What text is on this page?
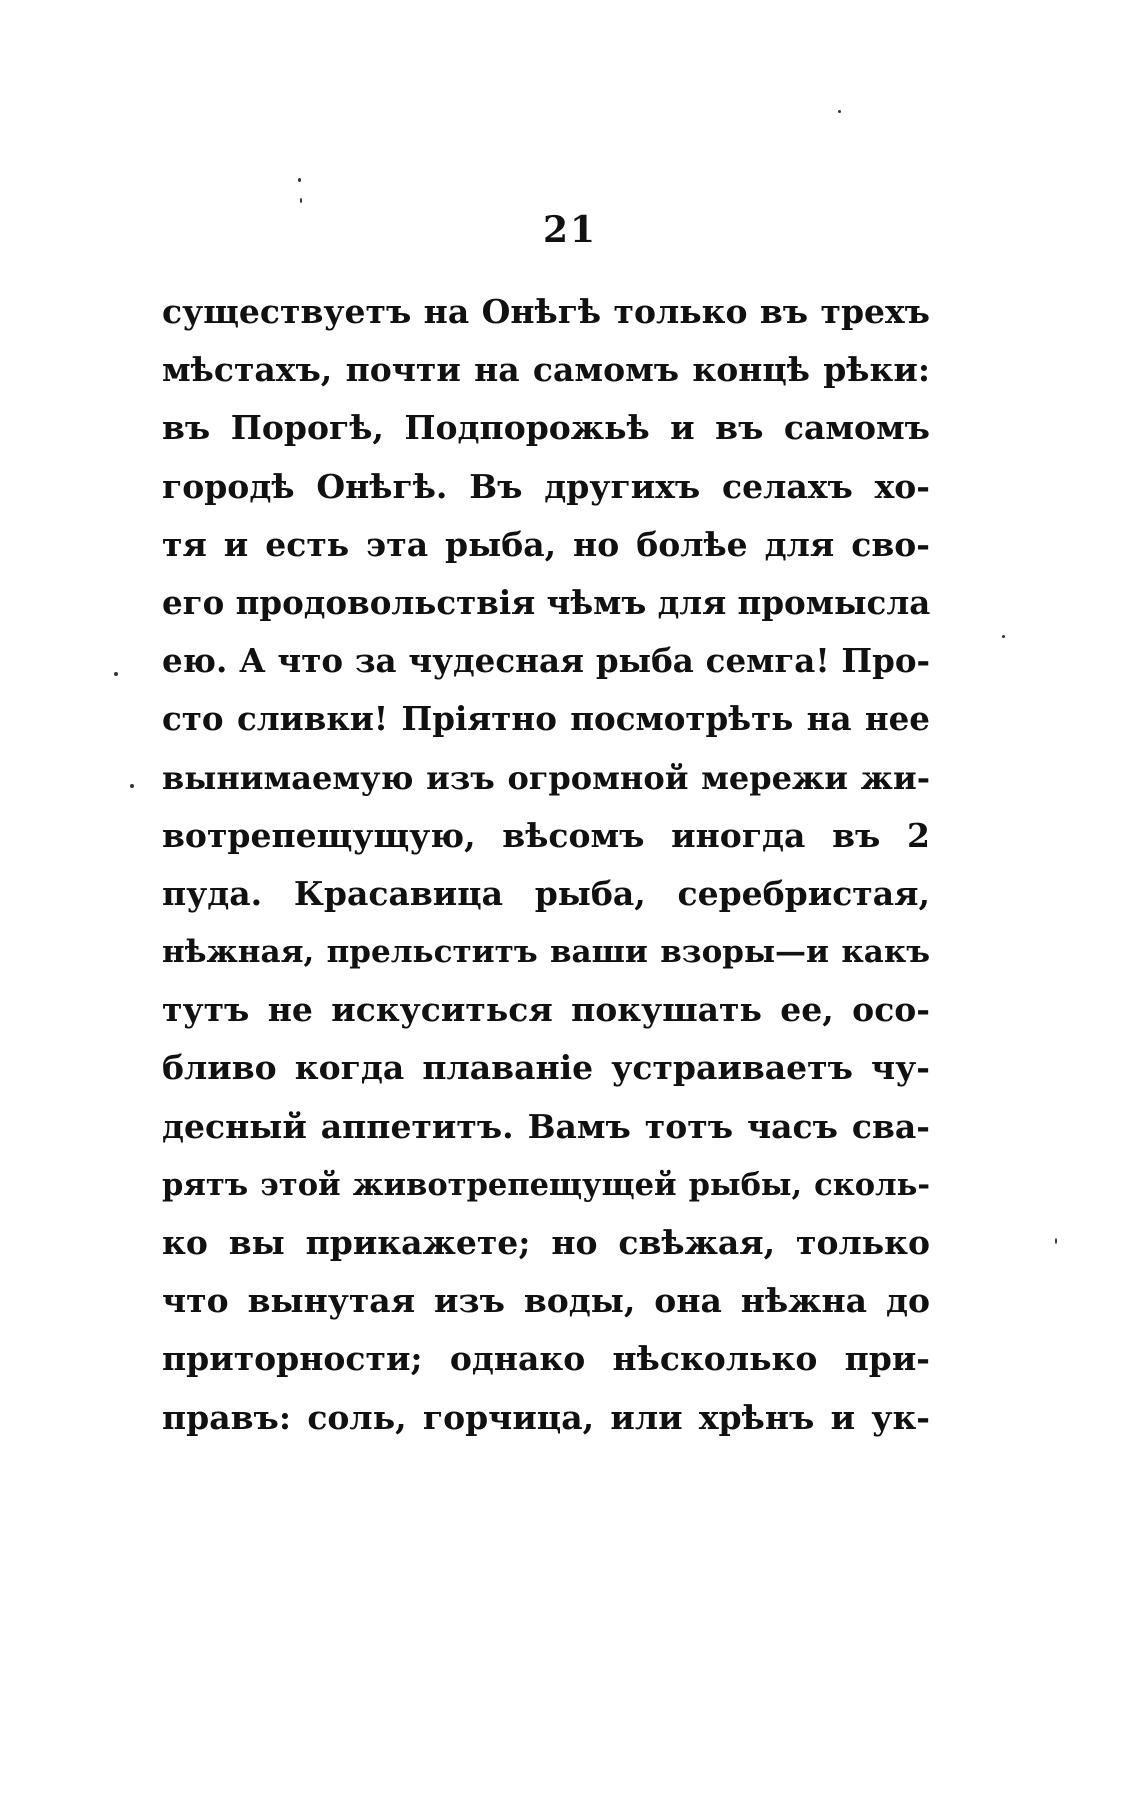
21
существуетъ на Онѣгѣ только въ трехъ
мѣстахъ, почти на самомъ концѣ рѣки:
въ Порогѣ, Подпорожьѣ и въ самомъ
городѣ Онѣгѣ. Въ другихъ селахъ хо-
тя и есть эта рыба, но болѣе для сво-
его продовольствія чѣмъ для промысла
ею. А что за чудесная рыба семга! Про-
сто сливки! Пріятно посмотрѣть на нее
вынимаемую изъ огромной мережи жи-
вотрепещущую, вѣсомъ иногда въ 2
пуда. Красавица рыба, серебристая,
нѣжная, прельститъ ваши взоры—и какъ
тутъ не искуситься покушать ее, осо-
бливо когда плаваніе устраиваетъ чу-
десный аппетитъ. Вамъ тотъ часъ сва-
рятъ этой животрепещущей рыбы, сколь-
ко вы прикажете; но свѣжая, только
что вынутая изъ воды, она нѣжна до
приторности; однако нѣсколько при-
правъ: соль, горчица, или хрѣнъ и ук-
